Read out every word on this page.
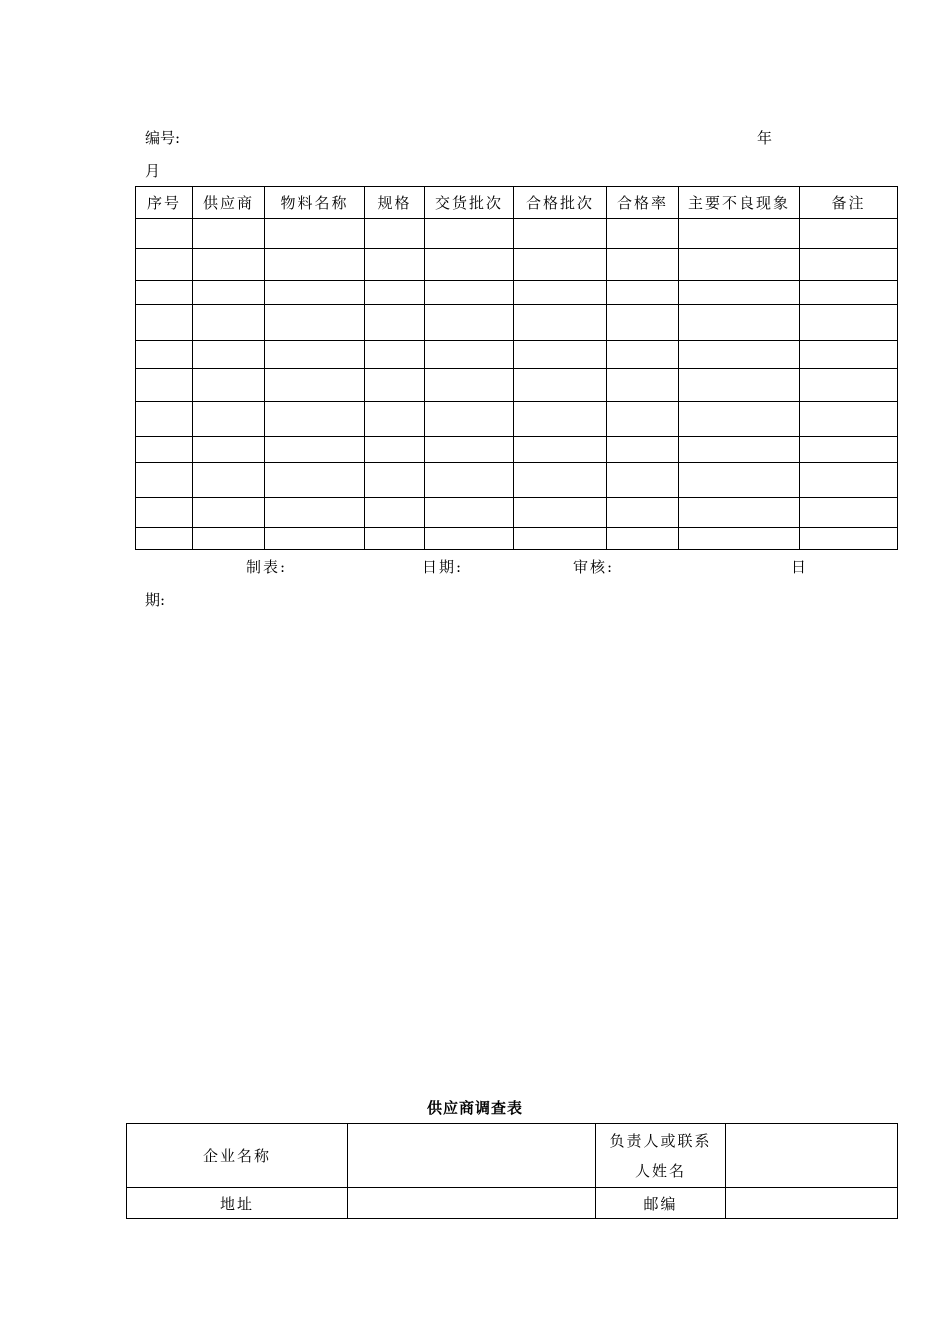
编号:	年
月
序号	供应商	物料名称	规格	交货批次	合格批次	合格率	主要不良现象	备注

制表:	日期:	审核:	日
期:
供应商调查表
企业名称		负责人或联系
人姓名	

地址		邮编	
